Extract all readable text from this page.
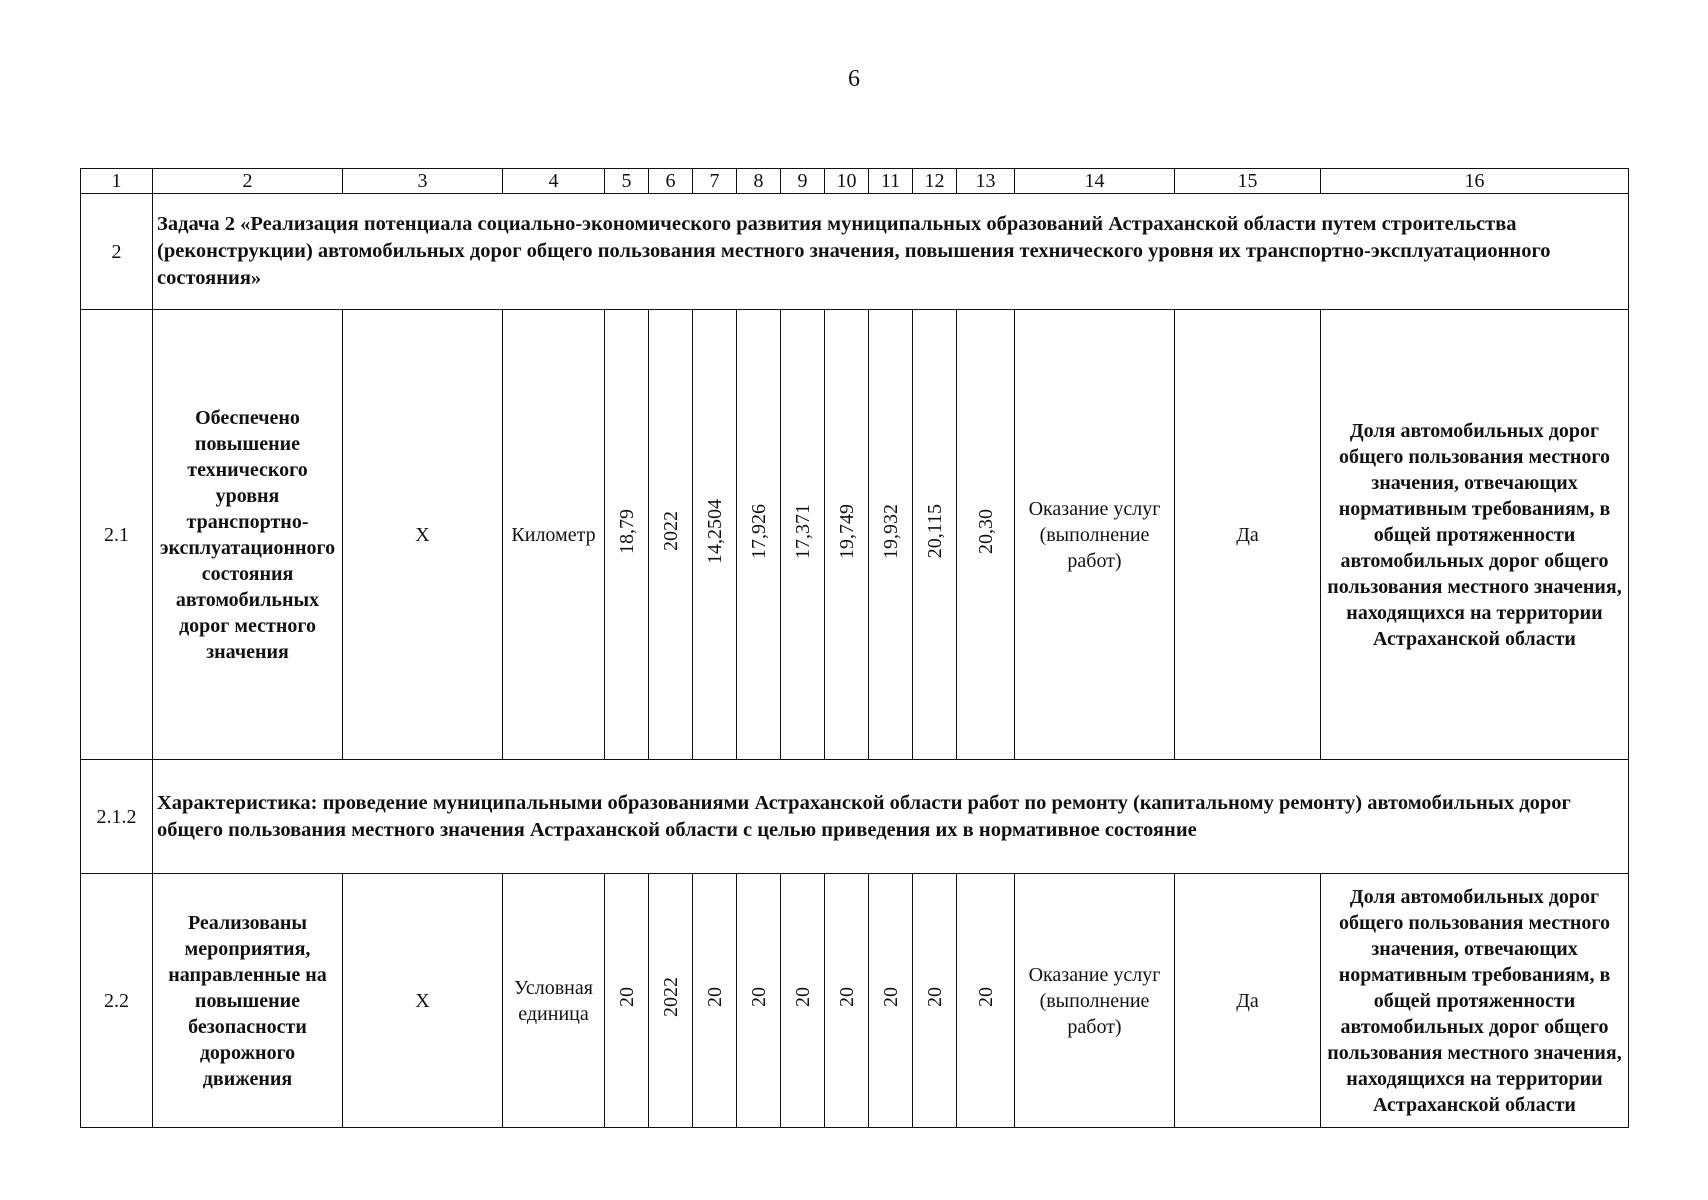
6
1	2	3	4	5	6	7	8	9	10	11	12	13	14	15	16
2	Задача 2 «Реализация потенциала социально-экономического развития муниципальных образований Астраханской области путем строительства (реконструкции) автомобильных дорог общего пользования местного значения, повышения технического уровня их транспортно-эксплуатационного состояния»														
2.1	Обеспечено повышение технического уровня транспортно-эксплуатационного состояния автомобильных дорог местного значения	Х	Километр	18,79	2022	14,2504	17,926	17,371	19,749	19,932	20,115	20,30	Оказание услуг (выполнение работ)	Да	Доля автомобильных дорог общего пользования местного значения, отвечающих нормативным требованиям, в общей протяженности автомобильных дорог общего пользования местного значения, находящихся на территории Астраханской области
2.1.2	Характеристика: проведение муниципальными образованиями Астраханской области работ по ремонту (капитальному ремонту) автомобильных дорог общего пользования местного значения Астраханской области с целью приведения их в нормативное состояние														
2.2	Реализованы мероприятия, направленные на повышение безопасности дорожного движения	Х	Условная единица	20	2022	20	20	20	20	20	20	20	Оказание услуг (выполнение работ)	Да	Доля автомобильных дорог общего пользования местного значения, отвечающих нормативным требованиям, в общей протяженности автомобильных дорог общего пользования местного значения, находящихся на территории Астраханской области
